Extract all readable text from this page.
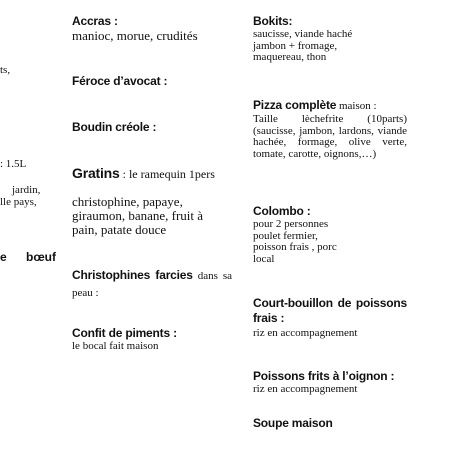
ts,
: 1.5L
jardin,
lle pays,
e bœuf
Accras :
manioc, morue, crudités
Féroce d’avocat :
Boudin créole :
Gratins : le ramequin 1pers
christophine, papaye, giraumon, banane, fruit à pain, patate douce
Christophines farcies dans sa peau :
Confit de piments :
le bocal fait maison
Bokits:
saucisse, viande haché jambon + fromage, maquereau, thon
Pizza complète maison :
Taille lèchefrite (10parts) (saucisse, jambon, lardons, viande hachée, formage, olive verte, tomate, carotte, oignons,…)
Colombo :
pour 2 personnes poulet fermier, poisson frais , porc local
Court-bouillon de poissons frais :
riz en accompagnement
Poissons frits à l’oignon :
riz en accompagnement
Soupe maison
